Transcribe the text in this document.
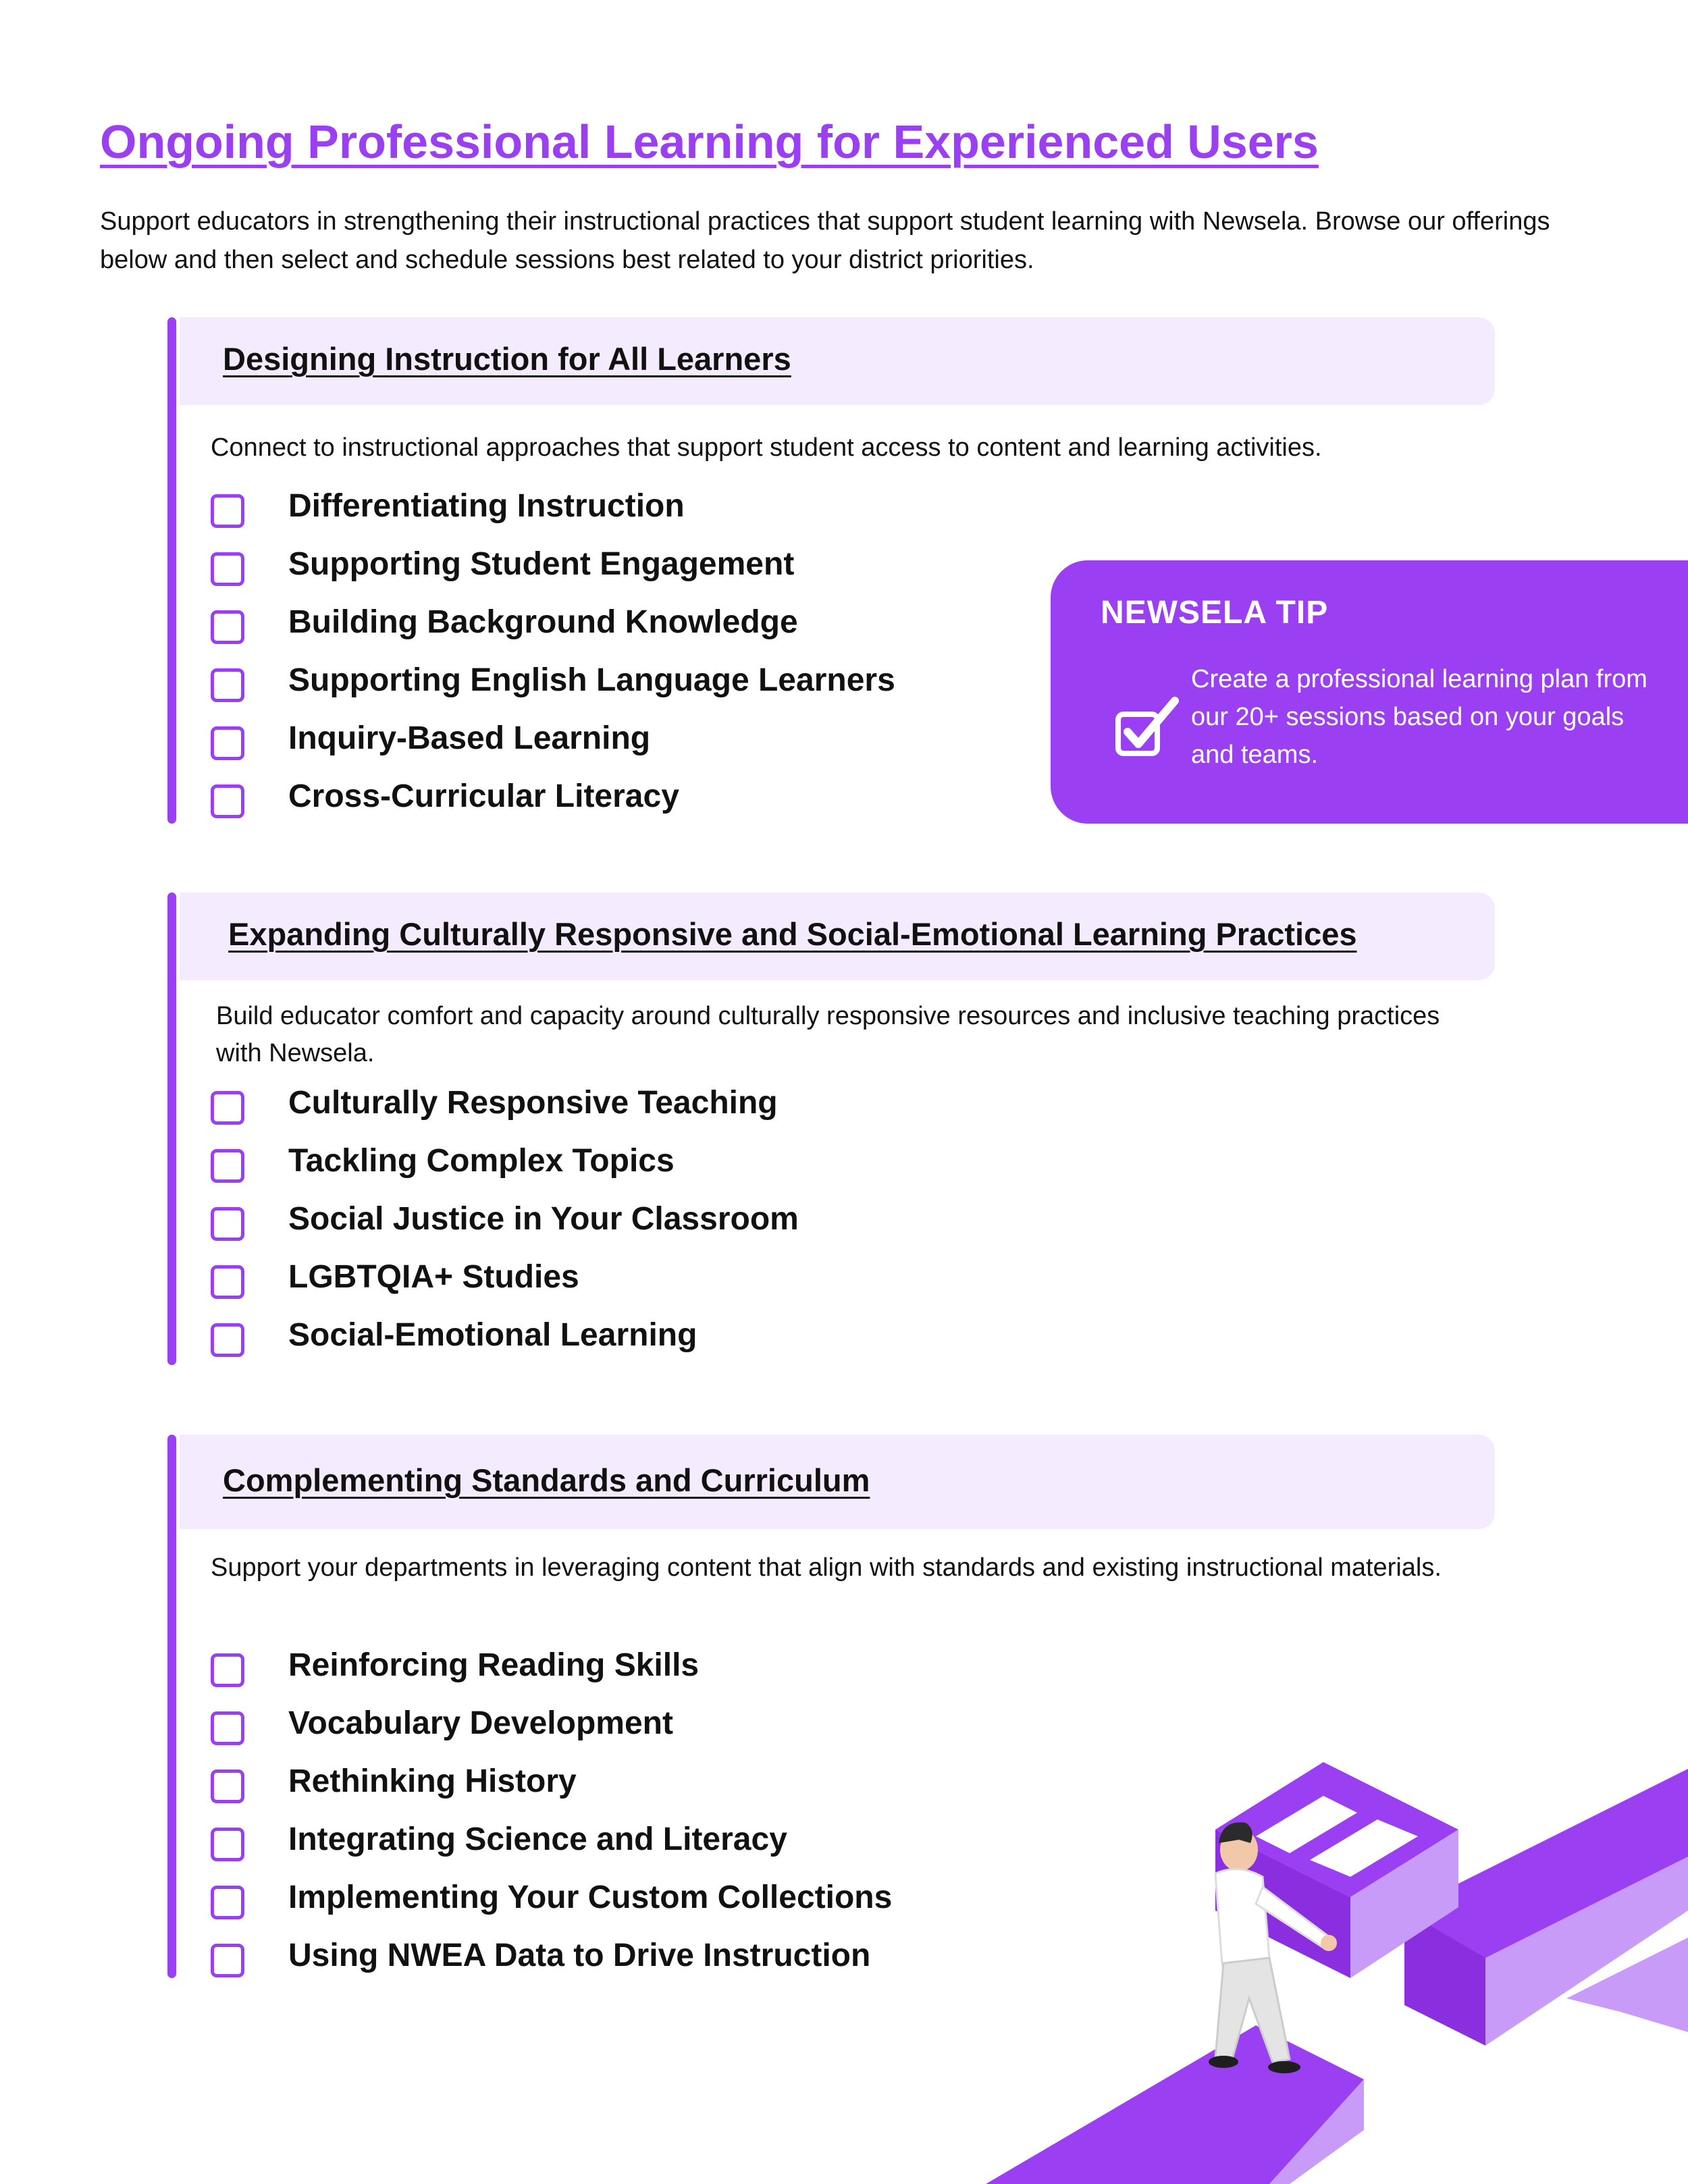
Ongoing Professional Learning for Experienced Users

Support educators in strengthening their instructional practices that support student learning with Newsela. Browse our offerings below and then select and schedule sessions best related to your district priorities.

Designing Instruction for All Learners

Connect to instructional approaches that support student access to content and learning activities.

Differentiating Instruction
Supporting Student Engagement
Building Background Knowledge
Supporting English Language Learners
Inquiry-Based Learning
Cross-Curricular Literacy
Expanding Culturally Responsive and Social-Emotional Learning Practices

Build educator comfort and capacity around culturally responsive resources and inclusive teaching practices with Newsela.

Culturally Responsive Teaching
Tackling Complex Topics
Social Justice in Your Classroom
LGBTQIA+ Studies
Social-Emotional Learning
Complementing Standards and Curriculum

Support your departments in leveraging content that align with standards and existing instructional materials.

Reinforcing Reading Skills
Vocabulary Development
Rethinking History
Integrating Science and Literacy
Implementing Your Custom Collections
Using NWEA Data to Drive Instruction
NEWSELA TIP

Create a professional learning plan from our 20+ sessions based on your goals and teams.
